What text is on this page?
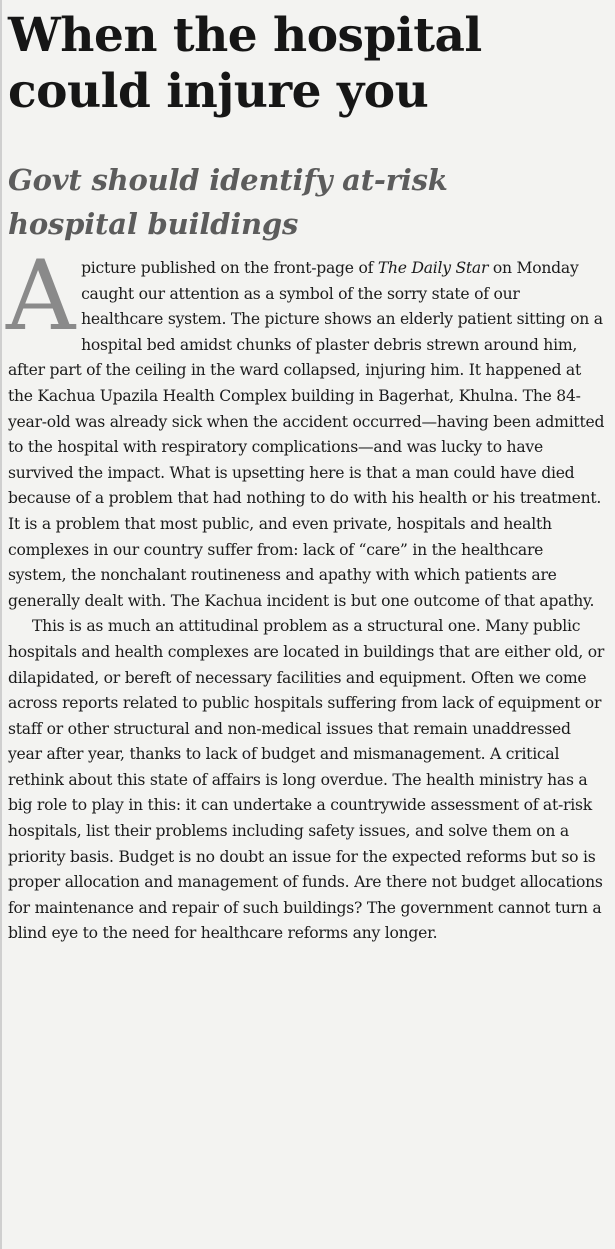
When the hospital
could injure you
Govt should identify at-risk
hospital buildings

A picture published on the front-page of The Daily Star on Monday caught our attention as a symbol of the sorry state of our healthcare system. The picture shows an elderly patient sitting on a hospital bed amidst chunks of plaster debris strewn around him, after part of the ceiling in the ward collapsed, injuring him. It happened at the Kachua Upazila Health Complex building in Bagerhat, Khulna. The 84-year-old was already sick when the accident occurred—having been admitted to the hospital with respiratory complications—and was lucky to have survived the impact. What is upsetting here is that a man could have died because of a problem that had nothing to do with his health or his treatment. It is a problem that most public, and even private, hospitals and health complexes in our country suffer from: lack of “care” in the healthcare system, the nonchalant routineness and apathy with which patients are generally dealt with. The Kachua incident is but one outcome of that apathy.

This is as much an attitudinal problem as a structural one. Many public hospitals and health complexes are located in buildings that are either old, or dilapidated, or bereft of necessary facilities and equipment. Often we come across reports related to public hospitals suffering from lack of equipment or staff or other structural and non-medical issues that remain unaddressed year after year, thanks to lack of budget and mismanagement. A critical rethink about this state of affairs is long overdue. The health ministry has a big role to play in this: it can undertake a countrywide assessment of at-risk hospitals, list their problems including safety issues, and solve them on a priority basis. Budget is no doubt an issue for the expected reforms but so is proper allocation and management of funds. Are there not budget allocations for maintenance and repair of such buildings? The government cannot turn a blind eye to the need for healthcare reforms any longer.
